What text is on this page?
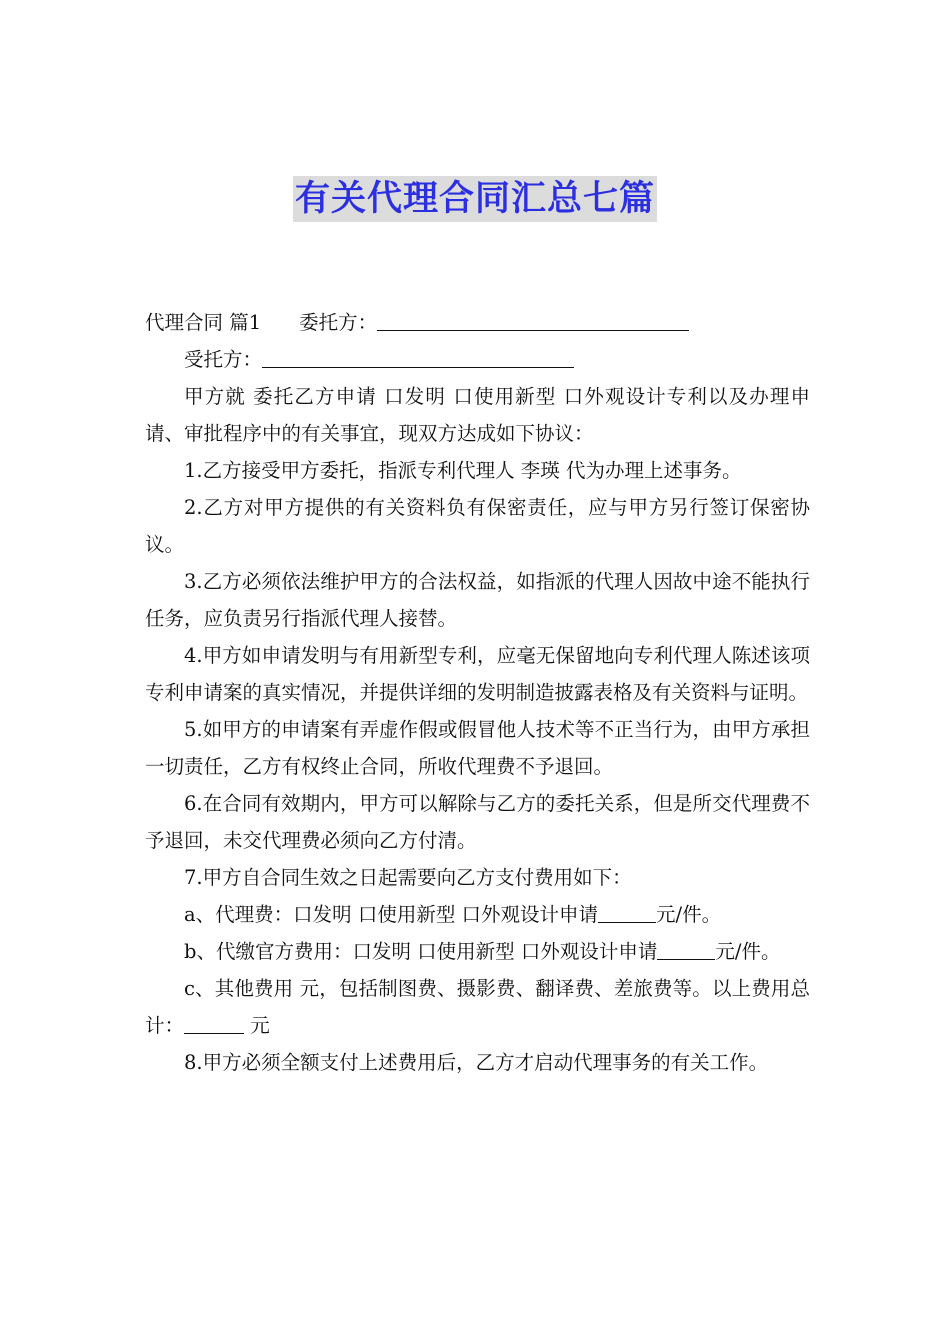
有关代理合同汇总七篇

代理合同 篇1 委托方：

受托方：

甲方就 委托乙方申请 口发明 口使用新型 口外观设计专利以及办理申请、审批程序中的有关事宜，现双方达成如下协议：

1.乙方接受甲方委托，指派专利代理人 李瑛 代为办理上述事务。

2.乙方对甲方提供的有关资料负有保密责任，应与甲方另行签订保密协议。

3.乙方必须依法维护甲方的合法权益，如指派的代理人因故中途不能执行任务，应负责另行指派代理人接替。

4.甲方如申请发明与有用新型专利，应毫无保留地向专利代理人陈述该项专利申请案的真实情况，并提供详细的发明制造披露表格及有关资料与证明。

5.如甲方的申请案有弄虚作假或假冒他人技术等不正当行为，由甲方承担一切责任，乙方有权终止合同，所收代理费不予退回。

6.在合同有效期内，甲方可以解除与乙方的委托关系，但是所交代理费不予退回，未交代理费必须向乙方付清。

7.甲方自合同生效之日起需要向乙方支付费用如下：

a、代理费：口发明 口使用新型 口外观设计申请	元/件。

b、代缴官方费用：口发明 口使用新型 口外观设计申请	元/件。

c、其他费用 元，包括制图费、摄影费、翻译费、差旅费等。以上费用总计：	元

8.甲方必须全额支付上述费用后，乙方才启动代理事务的有关工作。
